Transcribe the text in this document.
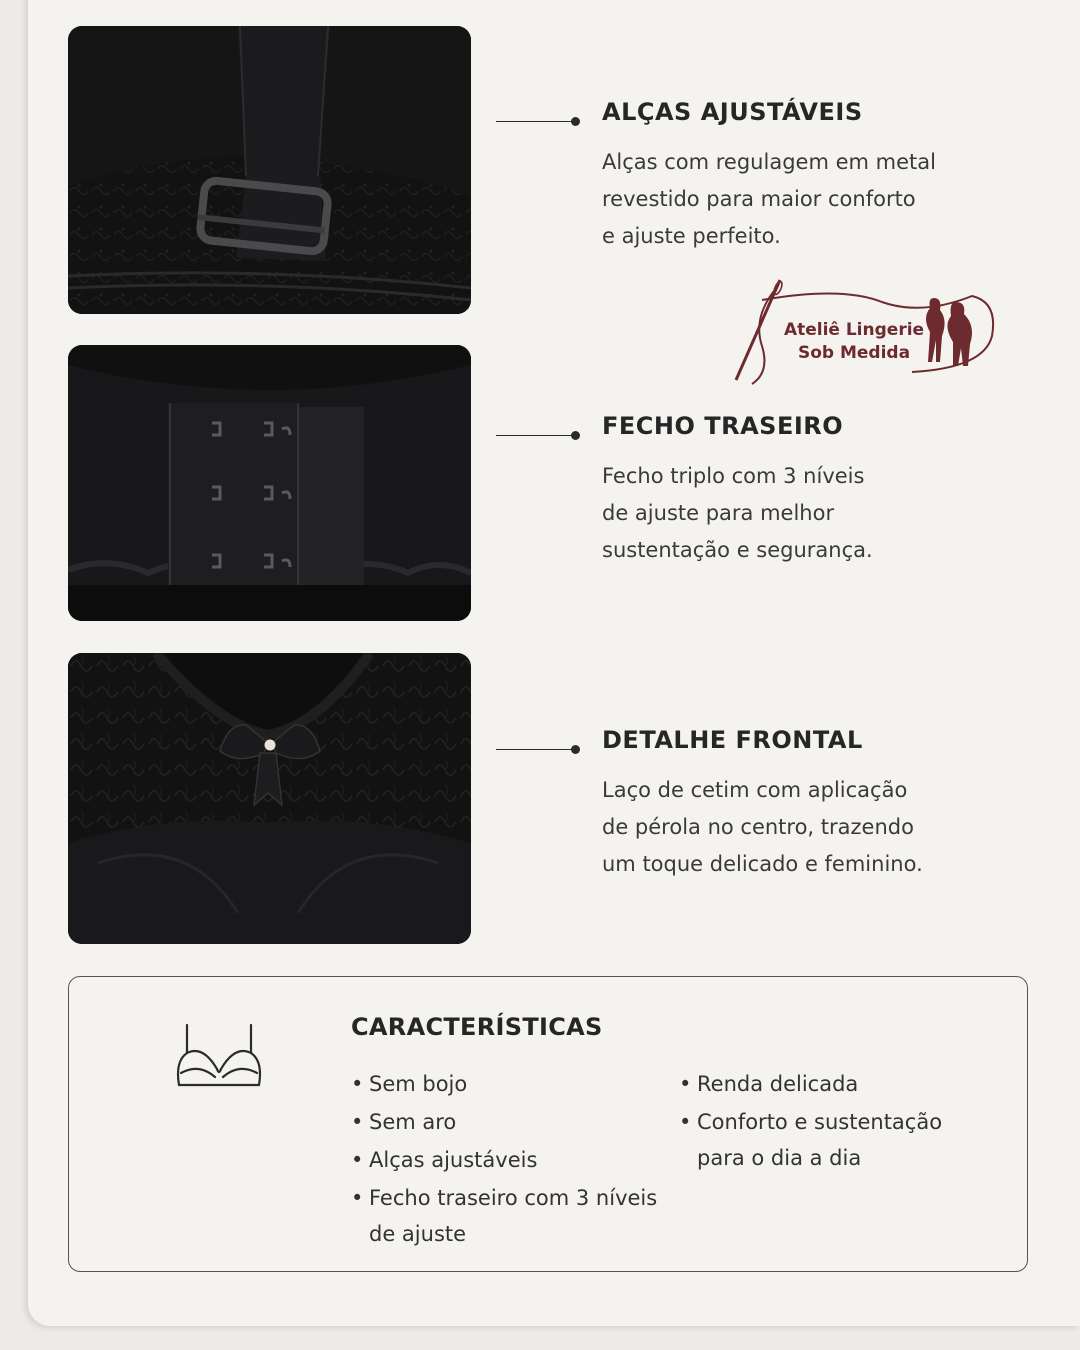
ALÇAS AJUSTÁVEIS

Alças com regulagem em metal
revestido para maior conforto
e ajuste perfeito.

Ateliê Lingerie
Sob Medida
FECHO TRASEIRO

Fecho triplo com 3 níveis
de ajuste para melhor
sustentação e segurança.

DETALHE FRONTAL

Laço de cetim com aplicação
de pérola no centro, trazendo
um toque delicado e feminino.

CARACTERÍSTICAS
• Sem bojo
• Sem aro
• Alças ajustáveis
• Fecho traseiro com 3 níveis
de ajuste
• Renda delicada
• Conforto e sustentação
para o dia a dia
